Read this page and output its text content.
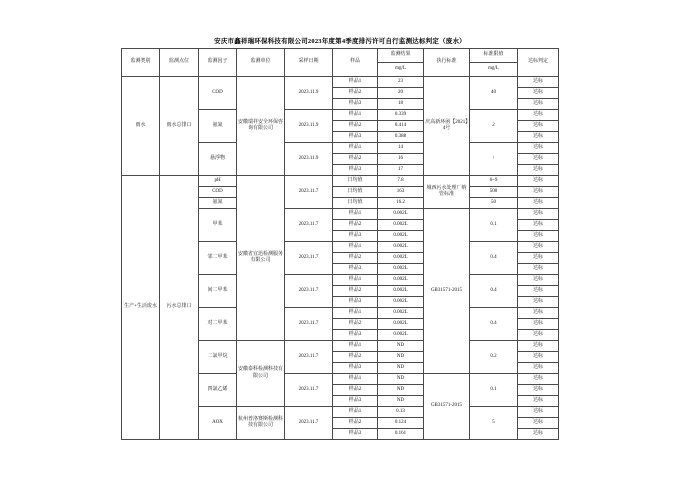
安庆市鑫祥瑞环保科技有限公司2023年度第4季度排污许可自行监测达标判定（废水）
监测类别	监测点位	监测因子	监测单位	采样日期	样品	监测结果	执行标准	标准限值	达标判定
						mg/L		mg/L	
雨水	雨水总排口	COD	安徽瑞祥安全环保咨询有限公司	2023.11.9	样品1	23	庆高新环函【2021】4号	40	达标
					样品2	20			达标
					样品3	18			达标
		氨氮		2023.11.9	样品1	0.339		2	达标
					样品2	0.414			达标
					样品3	0.388			达标
		悬浮物		2023.11.9	样品1	14		/	达标
					样品2	16			达标
					样品3	17			达标
生产+生活废水	污水总排口	pH	安徽省宜迅检测服务有限公司	2023.11.7	日均值	7.8	城西污水处理厂纳管标准	6~9	达标
		COD			日均值	163		500	达标
		氨氮			日均值	16.2		50	达标
		甲苯		2023.11.7	样品1	0.002L	GB31571-2015	0.1	达标
					样品2	0.002L			达标
					样品3	0.002L			达标
		邻二甲苯		2023.11.7	样品1	0.002L		0.4	达标
					样品2	0.002L			达标
					样品3	0.002L			达标
		间二甲苯		2023.11.7	样品1	0.002L		0.4	达标
					样品2	0.002L			达标
					样品3	0.002L			达标
		对二甲苯		2023.11.7	样品1	0.002L		0.4	达标
					样品2	0.002L			达标
					样品3	0.002L			达标
		二氯甲烷	安徽泰科检测科技有限公司	2023.11.7	样品1	ND		0.2	达标
					样品2	ND			达标
					样品3	ND			达标
		四氯乙烯		2023.11.7	样品1	ND	GB31571-2015	0.1	达标
					样品2	ND			达标
					样品3	ND			达标
		AOX	杭州普洛赛斯检测科技有限公司	2023.11.7	样品1	0.13		5	达标
					样品2	0.124			达标
					样品3	0.161			达标
